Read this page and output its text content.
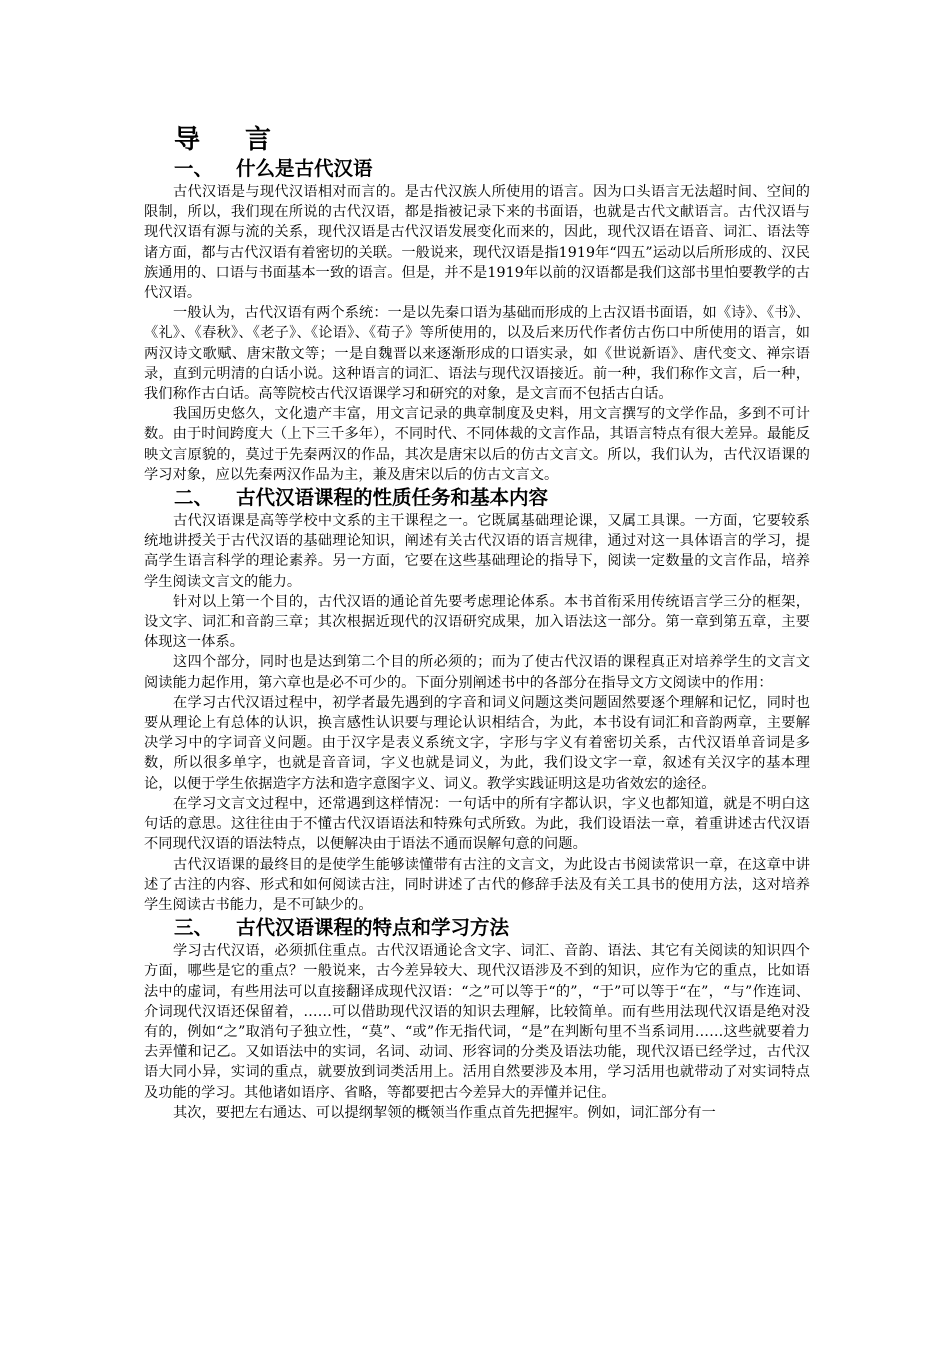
导 言
一、 什么是古代汉语

古代汉语是与现代汉语相对而言的。是古代汉族人所使用的语言。因为口头语言无法超时间、空间的限制，所以，我们现在所说的古代汉语，都是指被记录下来的书面语，也就是古代文献语言。古代汉语与现代汉语有源与流的关系，现代汉语是古代汉语发展变化而来的，因此，现代汉语在语音、词汇、语法等诸方面，都与古代汉语有着密切的关联。一般说来，现代汉语是指1919年“四五”运动以后所形成的、汉民族通用的、口语与书面基本一致的语言。但是，并不是1919年以前的汉语都是我们这部书里怕要教学的古代汉语。

一般认为，古代汉语有两个系统：一是以先秦口语为基础而形成的上古汉语书面语，如《诗》、《书》、《礼》、《春秋》、《老子》、《论语》、《荀子》等所使用的，以及后来历代作者仿古伤口中所使用的语言，如两汉诗文歌赋、唐宋散文等；一是自魏晋以来逐渐形成的口语实录，如《世说新语》、唐代变文、禅宗语录，直到元明清的白话小说。这种语言的词汇、语法与现代汉语接近。前一种，我们称作文言，后一种，我们称作古白话。高等院校古代汉语课学习和研究的对象，是文言而不包括古白话。

我国历史悠久，文化遗产丰富，用文言记录的典章制度及史料，用文言撰写的文学作品，多到不可计数。由于时间跨度大（上下三千多年），不同时代、不同体裁的文言作品，其语言特点有很大差异。最能反映文言原貌的，莫过于先秦两汉的作品，其次是唐宋以后的仿古文言文。所以，我们认为，古代汉语课的学习对象，应以先秦两汉作品为主，兼及唐宋以后的仿古文言文。

二、 古代汉语课程的性质任务和基本内容

古代汉语课是高等学校中文系的主干课程之一。它既属基础理论课，又属工具课。一方面，它要较系统地讲授关于古代汉语的基础理论知识，阐述有关古代汉语的语言规律，通过对这一具体语言的学习，提高学生语言科学的理论素养。另一方面，它要在这些基础理论的指导下，阅读一定数量的文言作品，培养学生阅读文言文的能力。

针对以上第一个目的，古代汉语的通论首先要考虑理论体系。本书首衔采用传统语言学三分的框架，设文字、词汇和音韵三章；其次根据近现代的汉语研究成果，加入语法这一部分。第一章到第五章，主要体现这一体系。

这四个部分，同时也是达到第二个目的所必须的；而为了使古代汉语的课程真正对培养学生的文言文阅读能力起作用，第六章也是必不可少的。下面分别阐述书中的各部分在指导文方文阅读中的作用：

在学习古代汉语过程中，初学者最先遇到的字音和词义问题这类问题固然要逐个理解和记忆，同时也要从理论上有总体的认识，换言感性认识要与理论认识相结合，为此，本书设有词汇和音韵两章，主要解决学习中的字词音义问题。由于汉字是表义系统文字，字形与字义有着密切关系，古代汉语单音词是多数，所以很多单字，也就是音音词，字义也就是词义，为此，我们设文字一章，叙述有关汉字的基本理论，以便于学生依据造字方法和造字意图字义、词义。教学实践证明这是功省效宏的途径。

在学习文言文过程中，还常遇到这样情况：一句话中的所有字都认识，字义也都知道，就是不明白这句话的意思。这往往由于不懂古代汉语语法和特殊句式所致。为此，我们设语法一章，着重讲述古代汉语不同现代汉语的语法特点，以便解决由于语法不通而误解句意的问题。

古代汉语课的最终目的是使学生能够读懂带有古注的文言文，为此设古书阅读常识一章，在这章中讲述了古注的内容、形式和如何阅读古注，同时讲述了古代的修辞手法及有关工具书的使用方法，这对培养学生阅读古书能力，是不可缺少的。

三、 古代汉语课程的特点和学习方法

学习古代汉语，必须抓住重点。古代汉语通论含文字、词汇、音韵、语法、其它有关阅读的知识四个方面，哪些是它的重点？一般说来，古今差异较大、现代汉语涉及不到的知识，应作为它的重点，比如语法中的虚词，有些用法可以直接翻译成现代汉语：“之”可以等于“的”，“于”可以等于“在”，“与”作连词、介词现代汉语还保留着，……可以借助现代汉语的知识去理解，比较简单。而有些用法现代汉语是绝对没有的，例如“之”取消句子独立性，“莫”、“或”作无指代词，“是”在判断句里不当系词用……这些就要着力去弄懂和记乙。又如语法中的实词，名词、动词、形容词的分类及语法功能，现代汉语已经学过，古代汉语大同小异，实词的重点，就要放到词类活用上。活用自然要涉及本用，学习活用也就带动了对实词特点及功能的学习。其他诸如语序、省略，等都要把古今差异大的弄懂并记住。

其次，要把左右通达、可以提纲挈领的概领当作重点首先把握牢。例如，词汇部分有一
